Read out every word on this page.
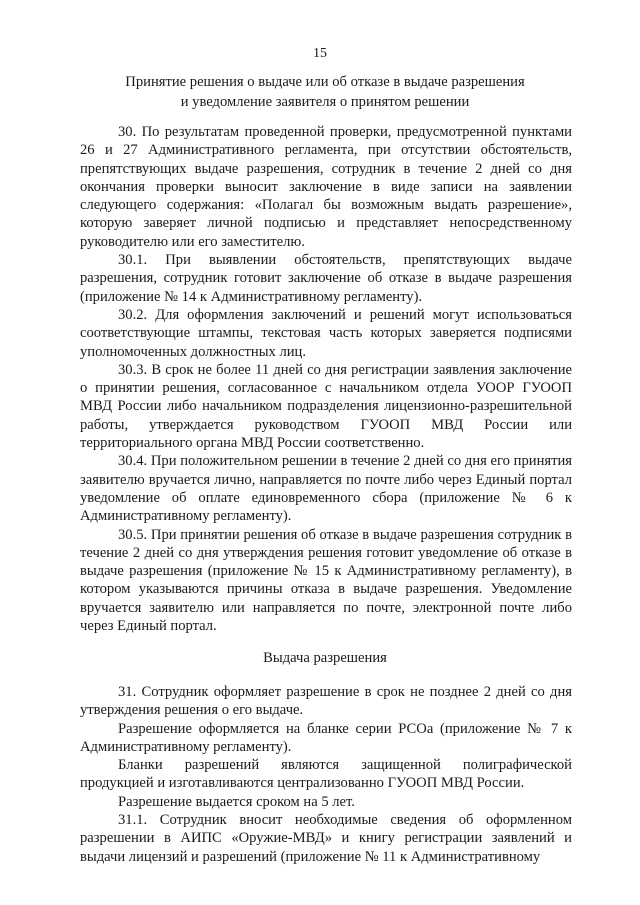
15
Принятие решения о выдаче или об отказе в выдаче разрешения
и уведомление заявителя о принятом решении

30. По результатам проведенной проверки, предусмотренной пунктами 26 и 27 Административного регламента, при отсутствии обстоятельств, препятствующих выдаче разрешения, сотрудник в течение 2 дней со дня окончания проверки выносит заключение в виде записи на заявлении следующего содержания: «Полагал бы возможным выдать разрешение», которую заверяет личной подписью и представляет непосредственному руководителю или его заместителю.

30.1. При выявлении обстоятельств, препятствующих выдаче разрешения, сотрудник готовит заключение об отказе в выдаче разрешения (приложение № 14 к Административному регламенту).

30.2. Для оформления заключений и решений могут использоваться соответствующие штампы, текстовая часть которых заверяется подписями уполномоченных должностных лиц.

30.3. В срок не более 11 дней со дня регистрации заявления заключение о принятии решения, согласованное с начальником отдела УООР ГУООП МВД России либо начальником подразделения лицензионно-разрешительной работы, утверждается руководством ГУООП МВД России или территориального органа МВД России соответственно.

30.4. При положительном решении в течение 2 дней со дня его принятия заявителю вручается лично, направляется по почте либо через Единый портал уведомление об оплате единовременного сбора (приложение № 6 к Административному регламенту).

30.5. При принятии решения об отказе в выдаче разрешения сотрудник в течение 2 дней со дня утверждения решения готовит уведомление об отказе в выдаче разрешения (приложение № 15 к Административному регламенту), в котором указываются причины отказа в выдаче разрешения. Уведомление вручается заявителю или направляется по почте, электронной почте либо через Единый портал.

Выдача разрешения

31. Сотрудник оформляет разрешение в срок не позднее 2 дней со дня утверждения решения о его выдаче.

Разрешение оформляется на бланке серии РСОа (приложение № 7 к Административному регламенту).

Бланки разрешений являются защищенной полиграфической продукцией и изготавливаются централизованно ГУООП МВД России.

Разрешение выдается сроком на 5 лет.

31.1. Сотрудник вносит необходимые сведения об оформленном разрешении в АИПС «Оружие-МВД» и книгу регистрации заявлений и выдачи лицензий и разрешений (приложение № 11 к Административному
